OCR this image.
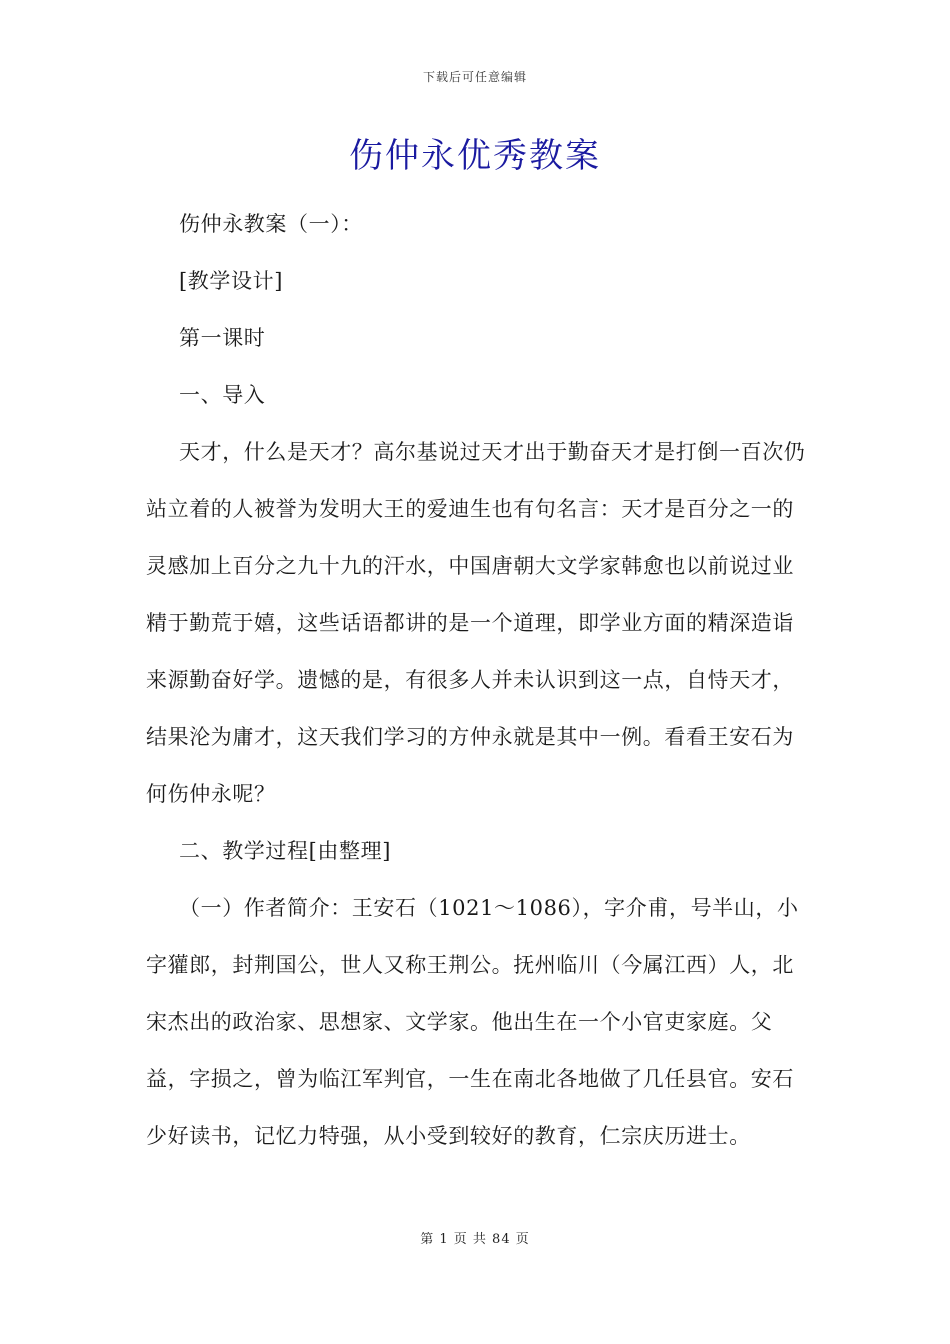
下载后可任意编辑
伤仲永优秀教案

伤仲永教案（一）：

[教学设计]

第一课时

一、导入

天才，什么是天才？高尔基说过天才出于勤奋天才是打倒一百次仍站立着的人被誉为发明大王的爱迪生也有句名言：天才是百分之一的灵感加上百分之九十九的汗水，中国唐朝大文学家韩愈也以前说过业精于勤荒于嬉，这些话语都讲的是一个道理，即学业方面的精深造诣来源勤奋好学。遗憾的是，有很多人并未认识到这一点，自恃天才，结果沦为庸才，这天我们学习的方仲永就是其中一例。看看王安石为何伤仲永呢？

二、教学过程[由整理]

（一）作者简介：王安石（1021～1086），字介甫，号半山，小字獾郎，封荆国公，世人又称王荆公。抚州临川（今属江西）人，北宋杰出的政治家、思想家、文学家。他出生在一个小官吏家庭。父益，字损之，曾为临江军判官，一生在南北各地做了几任县官。安石少好读书，记忆力特强，从小受到较好的教育，仁宗庆历进士。

第 1 页 共 84 页
